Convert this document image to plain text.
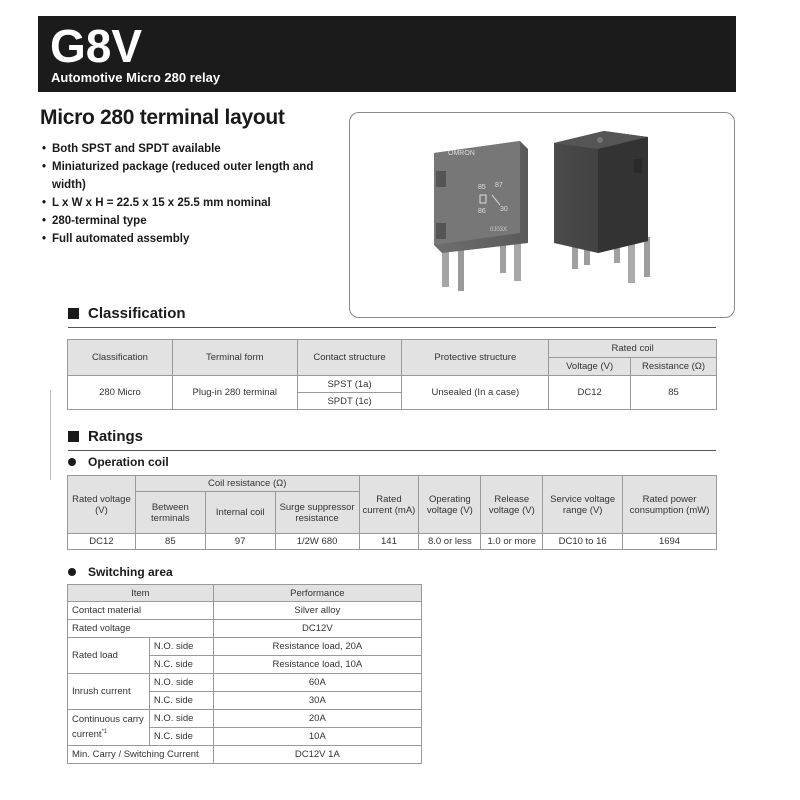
G8V
Automotive Micro 280 relay
Micro 280 terminal layout
• Both SPST and SPDT available
• Miniaturized package (reduced outer length and width)
• L x W x H = 22.5 x 15 x 25.5 mm nominal
• 280-terminal type
• Full automated assembly
OMRON
85 87
86 30
0J03X
Classification
Classification	Terminal form	Contact structure	Protective structure	Rated coil	
				Voltage (V)	Resistance (Ω)
280 Micro	Plug-in 280 terminal	SPST (1a)	Unsealed (In a case)	DC12	85
		SPDT (1c)			
Ratings
Operation coil
Rated voltage (V)	Coil resistance (Ω)			Rated current (mA)	Operating voltage (V)	Release voltage (V)	Service voltage range (V)	Rated power consumption (mW)
	Between terminals	Internal coil	Surge suppressor resistance					
DC12	85	97	1/2W 680	141	8.0 or less	1.0 or more	DC10 to 16	1694
Switching area
Item		Performance
Contact material		Silver alloy
Rated voltage		DC12V
Rated load	N.O. side	Resistance load, 20A
	N.C. side	Resistance load, 10A
Inrush current	N.O. side	60A
	N.C. side	30A
Continuous carry current$^{*1}$	N.O. side	20A
	N.C. side	10A
Min. Carry / Switching Current		DC12V 1A
